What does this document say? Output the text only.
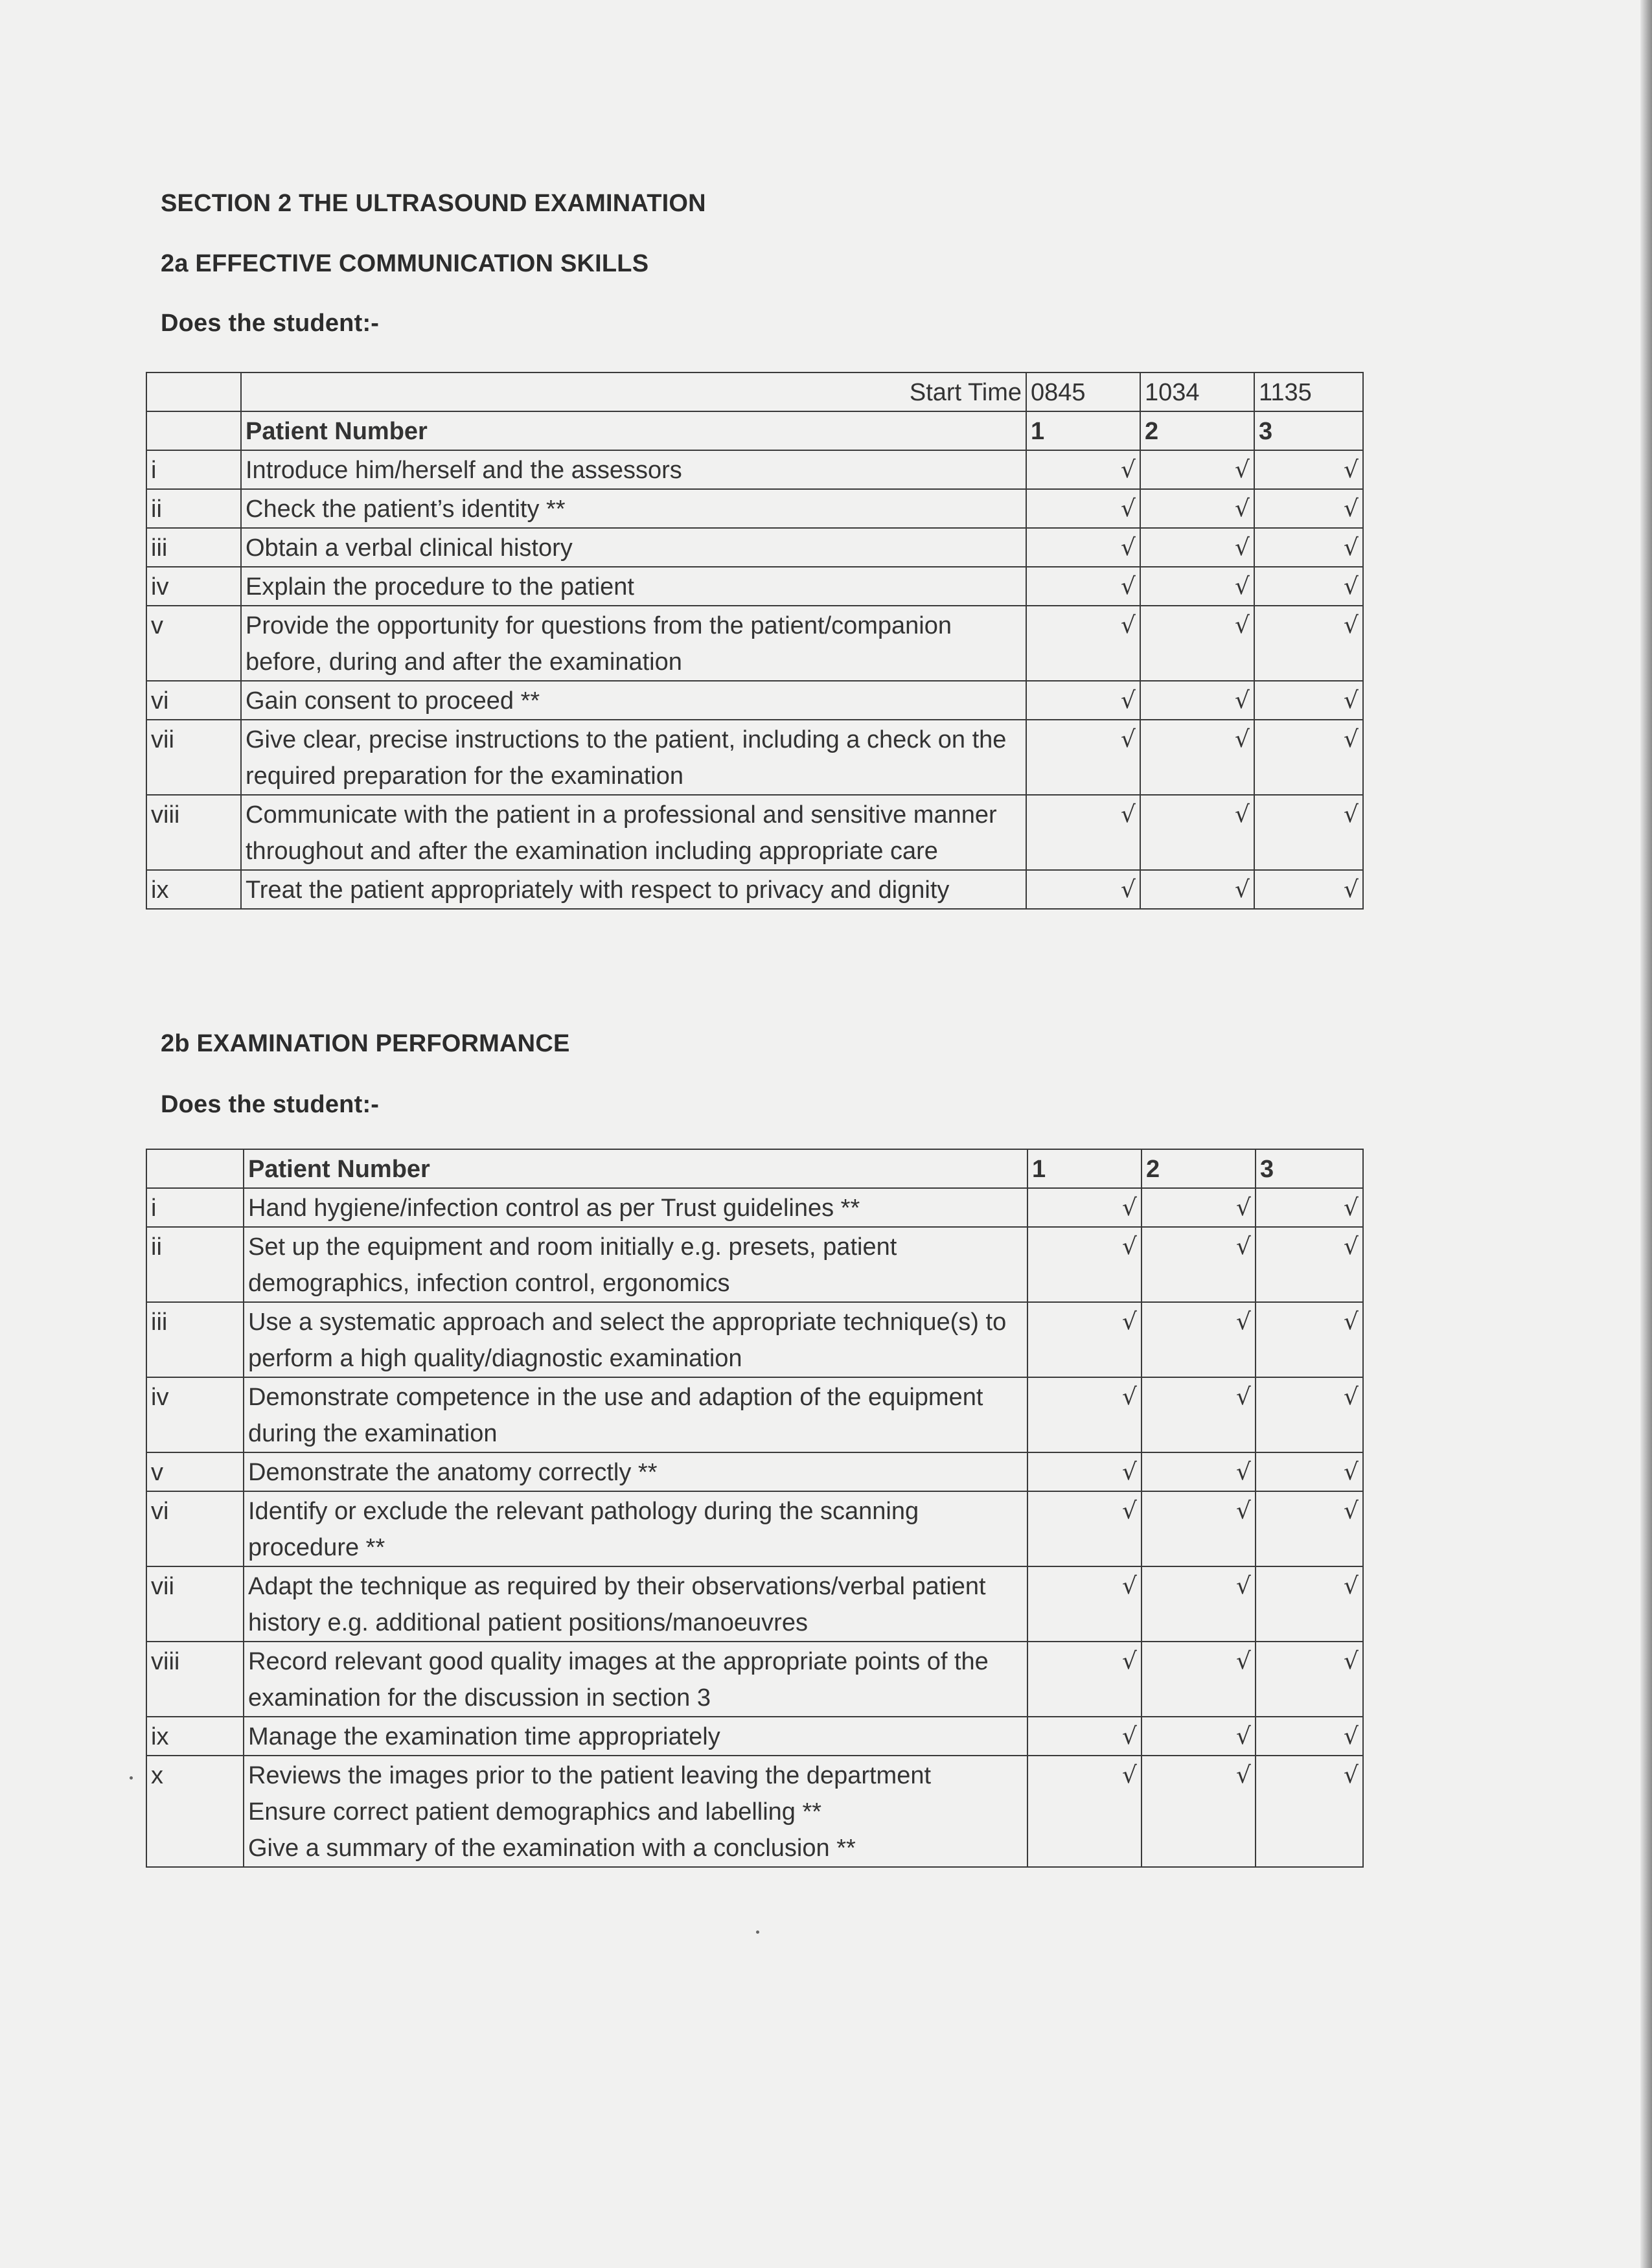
SECTION 2 THE ULTRASOUND EXAMINATION
2a EFFECTIVE COMMUNICATION SKILLS
Does the student:-
	Start Time	0845	1034	1135
	Patient Number	1	2	3
i	Introduce him/herself and the assessors	√	√	√
ii	Check the patient’s identity **	√	√	√
iii	Obtain a verbal clinical history	√	√	√
iv	Explain the procedure to the patient	√	√	√
v	Provide the opportunity for questions from the patient/companion before, during and after the examination	√	√	√
vi	Gain consent to proceed **	√	√	√
vii	Give clear, precise instructions to the patient, including a check on the required preparation for the examination	√	√	√
viii	Communicate with the patient in a professional and sensitive manner throughout and after the examination including appropriate care	√	√	√
ix	Treat the patient appropriately with respect to privacy and dignity	√	√	√
2b EXAMINATION PERFORMANCE
Does the student:-
	Patient Number	1	2	3
i	Hand hygiene/infection control as per Trust guidelines **	√	√	√
ii	Set up the equipment and room initially e.g. presets, patient demographics, infection control, ergonomics	√	√	√
iii	Use a systematic approach and select the appropriate technique(s) to perform a high quality/diagnostic examination	√	√	√
iv	Demonstrate competence in the use and adaption of the equipment during the examination	√	√	√
v	Demonstrate the anatomy correctly **	√	√	√
vi	Identify or exclude the relevant pathology during the scanning procedure **	√	√	√
vii	Adapt the technique as required by their observations/verbal patient history e.g. additional patient positions/manoeuvres	√	√	√
viii	Record relevant good quality images at the appropriate points of the examination for the discussion in section 3	√	√	√
ix	Manage the examination time appropriately	√	√	√
x	Reviews the images prior to the patient leaving the department
Ensure correct patient demographics and labelling **
Give a summary of the examination with a conclusion **	√	√	√
